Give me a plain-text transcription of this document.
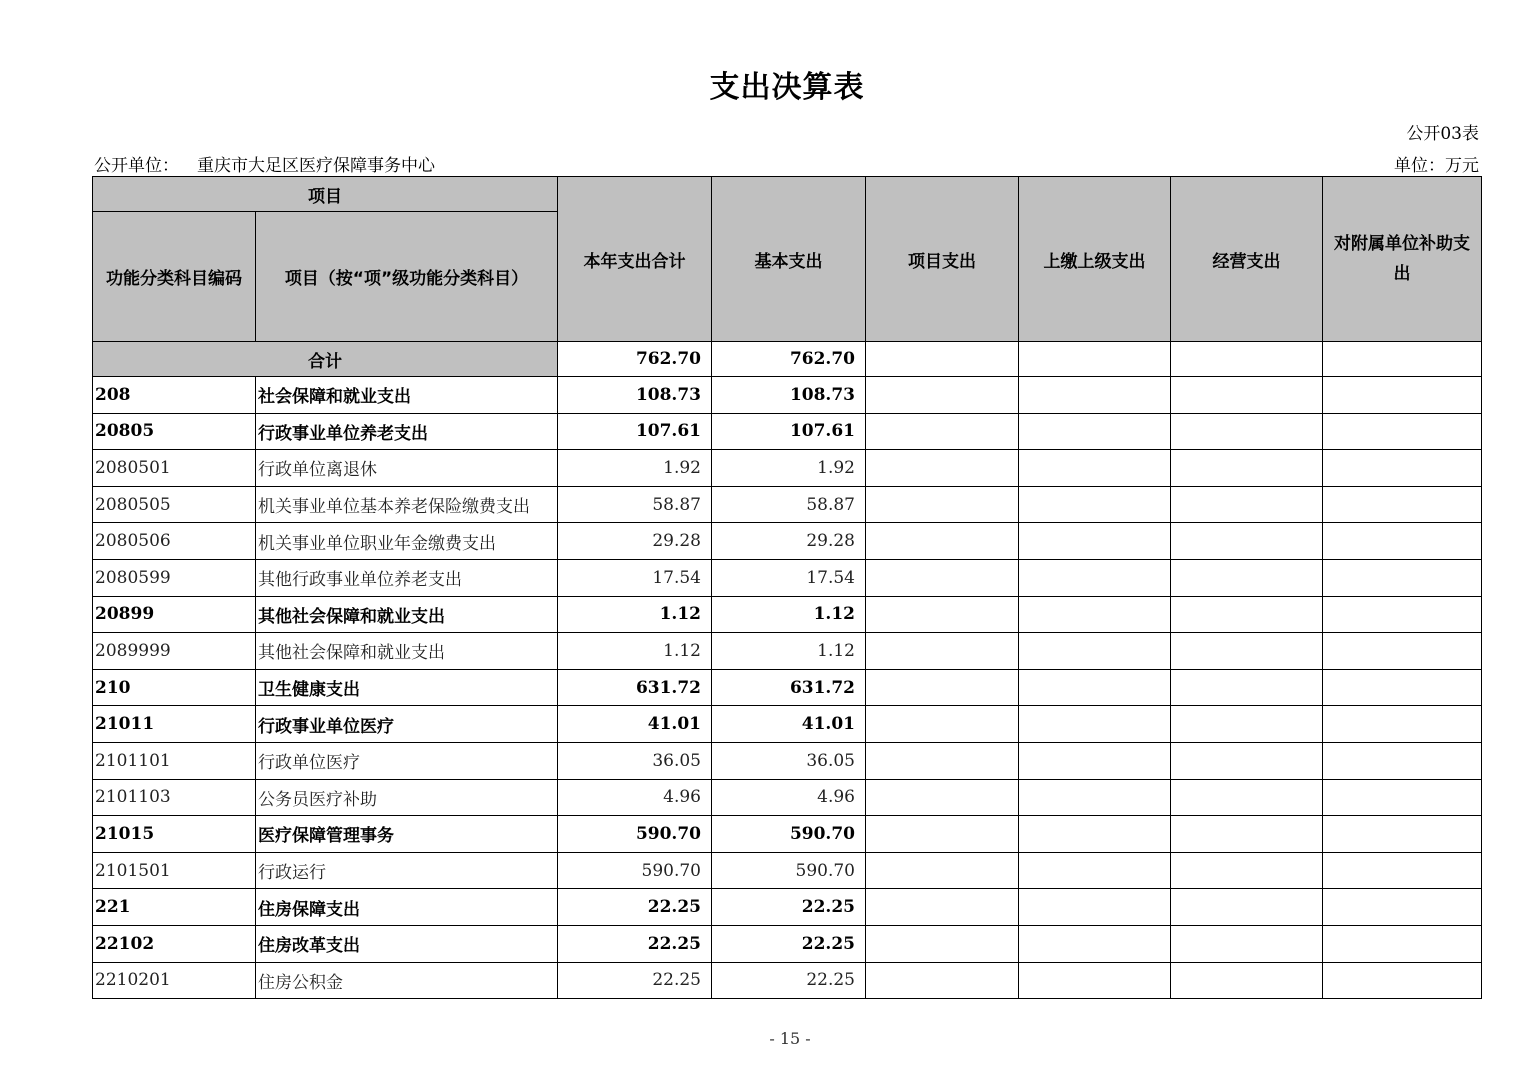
支出决算表
公开03表
公开单位： 重庆市大足区医疗保障事务中心	单位：万元
项目		本年支出合计	基本支出	项目支出	上缴上级支出	经营支出	对附属单位补助支出
功能分类科目编码	项目（按“项”级功能分类科目）						
合计		762.70	762.70				
208	社会保障和就业支出	108.73	108.73				
20805	行政事业单位养老支出	107.61	107.61				
2080501	行政单位离退休	1.92	1.92				
2080505	机关事业单位基本养老保险缴费支出	58.87	58.87				
2080506	机关事业单位职业年金缴费支出	29.28	29.28				
2080599	其他行政事业单位养老支出	17.54	17.54				
20899	其他社会保障和就业支出	1.12	1.12				
2089999	其他社会保障和就业支出	1.12	1.12				
210	卫生健康支出	631.72	631.72				
21011	行政事业单位医疗	41.01	41.01				
2101101	行政单位医疗	36.05	36.05				
2101103	公务员医疗补助	4.96	4.96				
21015	医疗保障管理事务	590.70	590.70				
2101501	行政运行	590.70	590.70				
221	住房保障支出	22.25	22.25				
22102	住房改革支出	22.25	22.25				
2210201	住房公积金	22.25	22.25				
- 15 -
